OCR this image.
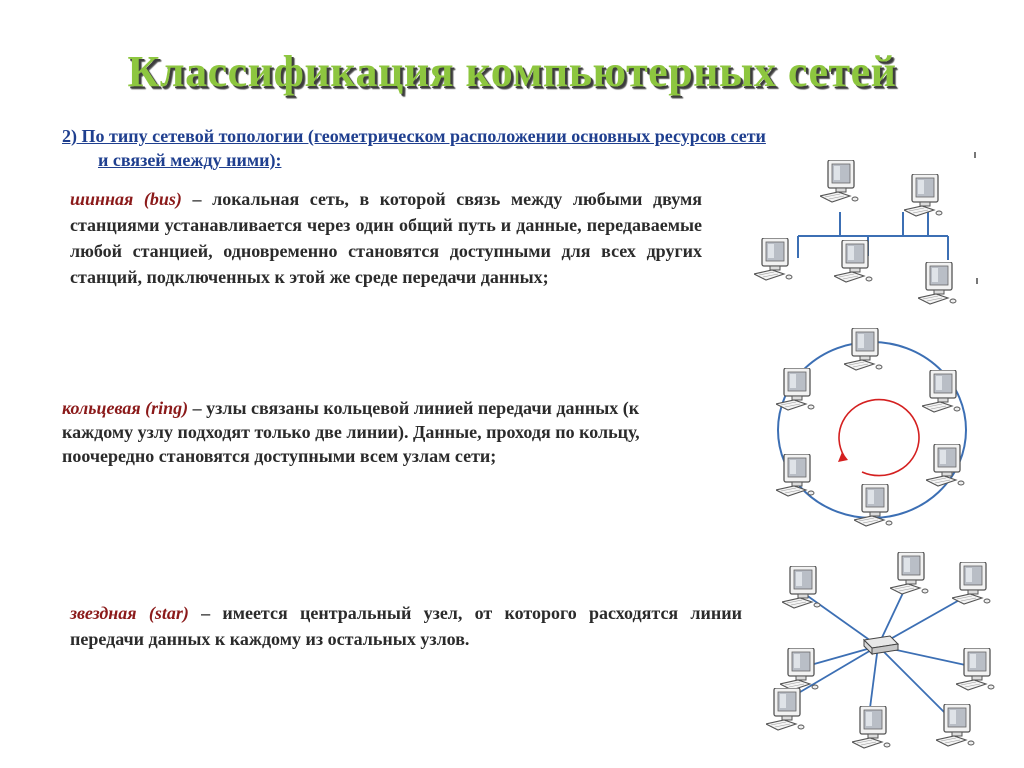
Классификация компьютерных сетей
2) По типу сетевой топологии (геометрическом расположении основных ресурсов сети
и связей между ними):
шинная (bus) – локальная сеть, в которой связь между любыми двумя станциями устанавливается через один общий путь и данные, передаваемые любой станцией, одновременно становятся доступными для всех других станций, подключенных к этой же среде передачи данных;
кольцевая (ring) – узлы связаны кольцевой линией передачи данных (к каждому узлу подходят только две линии). Данные, проходя по кольцу, поочередно становятся доступными всем узлам сети;
звездная (star) – имеется центральный узел, от которого расходятся линии передачи данных к каждому из остальных узлов.
